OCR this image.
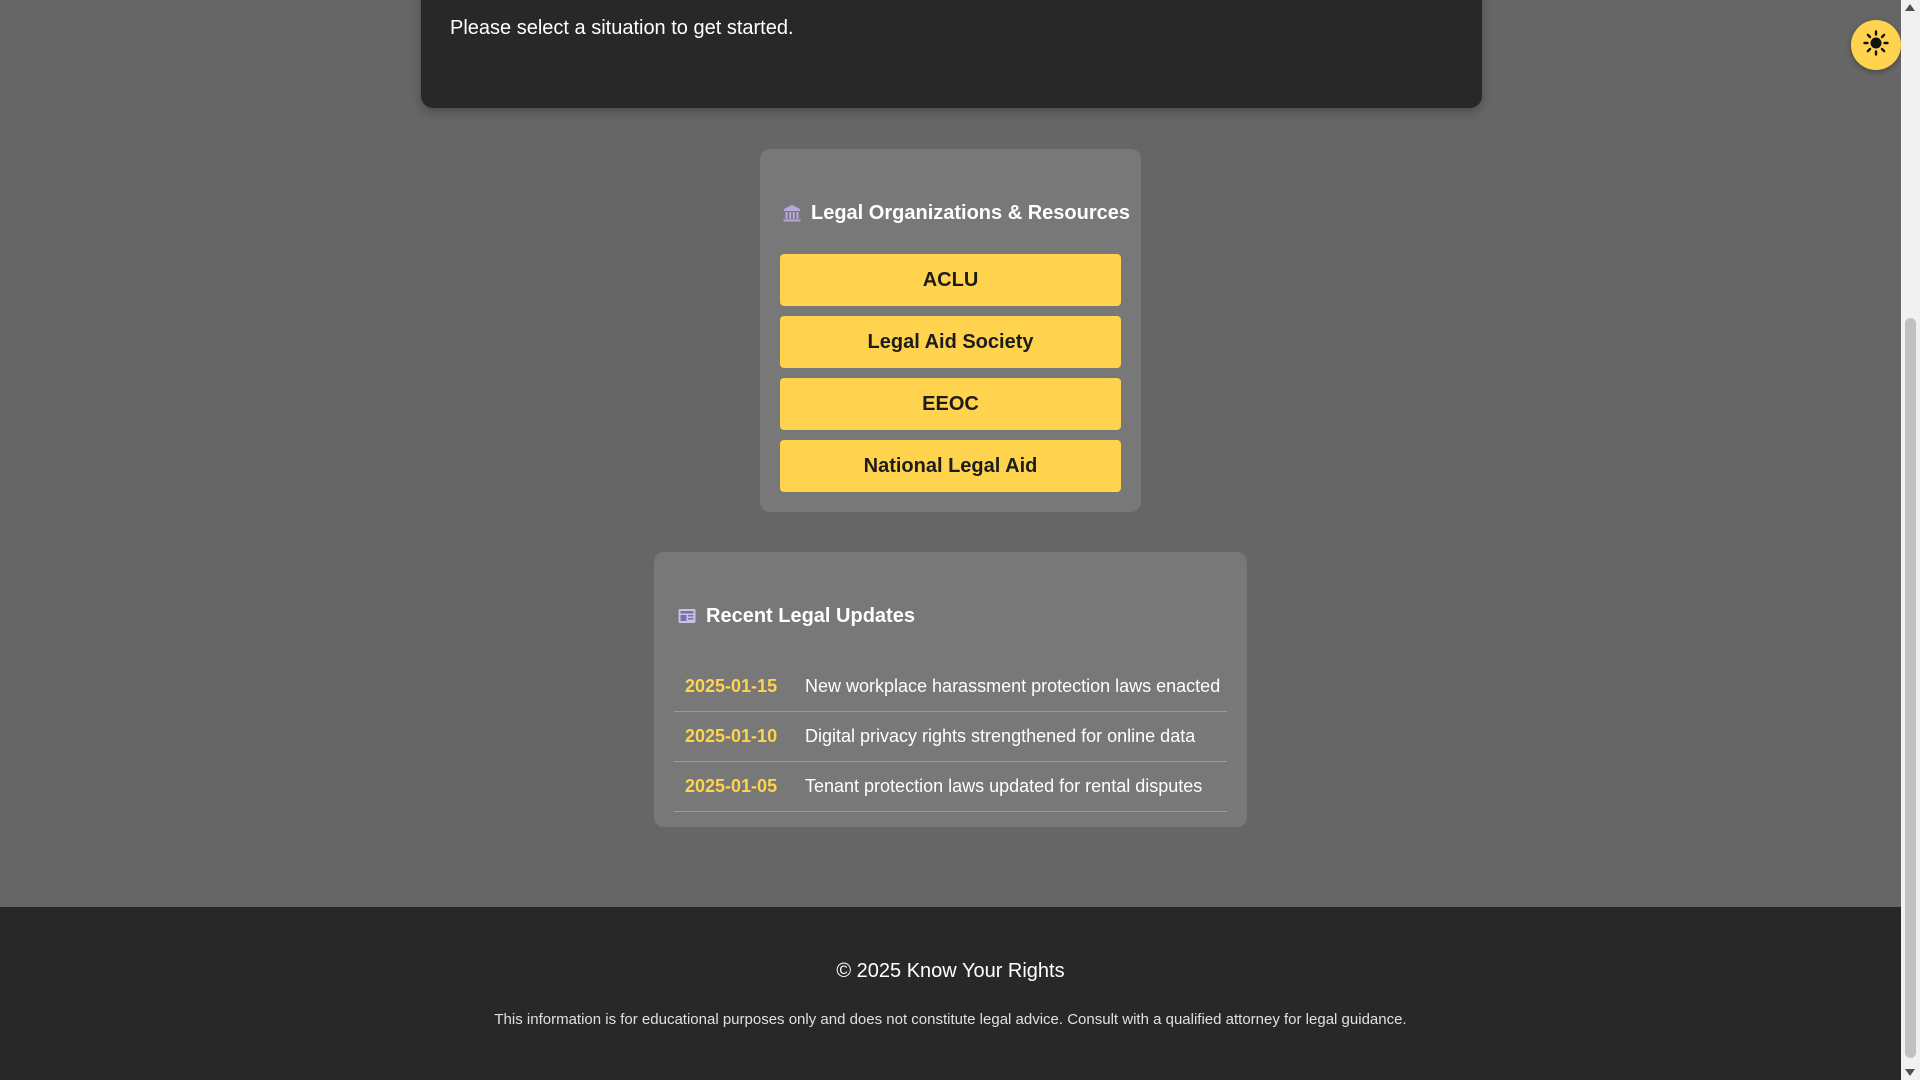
Please select a situation to get started.

Legal Organizations & Resources
ACLU
Legal Aid Society
EEOC
National Legal Aid
Recent Legal Updates
2025-01-15	New workplace harassment protection laws enacted
2025-01-10	Digital privacy rights strengthened for online data
2025-01-05	Tenant protection laws updated for rental disputes
© 2025 Know Your Rights
This information is for educational purposes only and does not constitute legal advice. Consult with a qualified attorney for legal guidance.
